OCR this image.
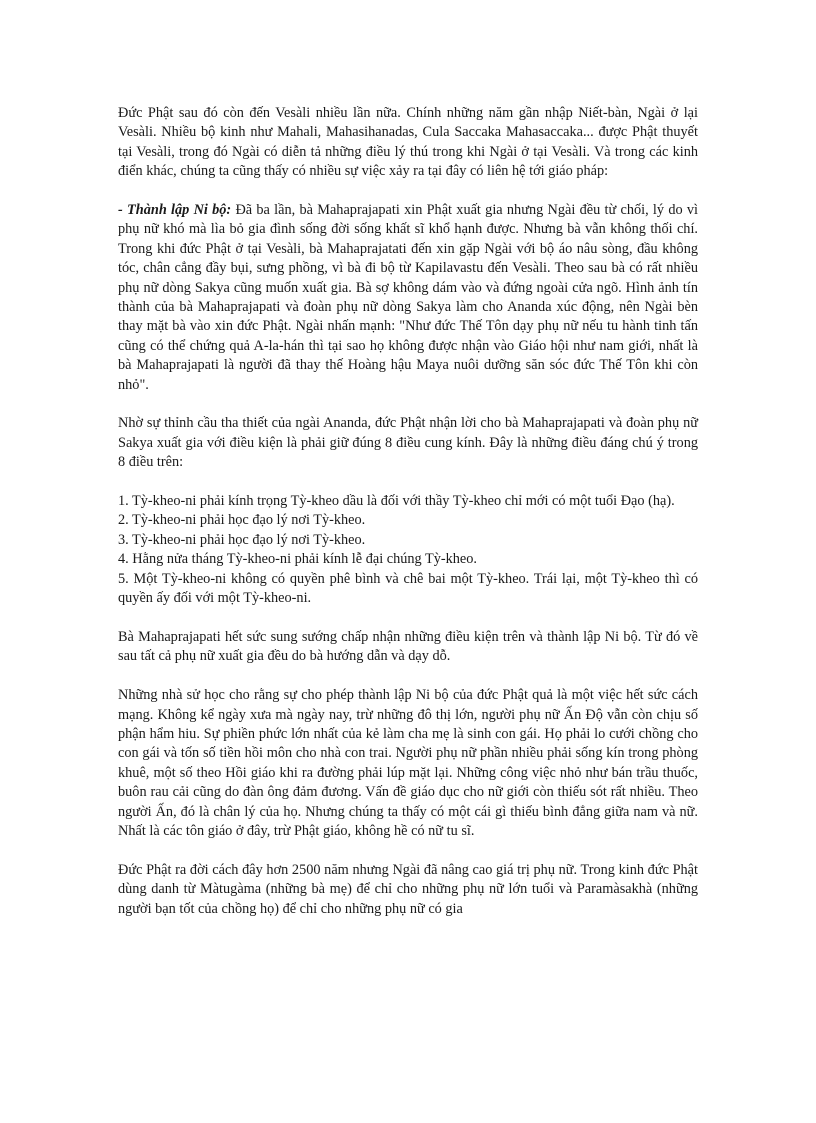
Đức Phật sau đó còn đến Vesàli nhiều lần nữa. Chính những năm gần nhập Niết-bàn, Ngài ở lại Vesàli. Nhiều bộ kinh như Mahali, Mahasihanadas, Cula Saccaka Mahasaccaka... được Phật thuyết tại Vesàli, trong đó Ngài có diễn tả những điều lý thú trong khi Ngài ở tại Vesàli. Và trong các kinh điển khác, chúng ta cũng thấy có nhiều sự việc xảy ra tại đây có liên hệ tới giáo pháp:

- Thành lập Ni bộ: Đã ba lần, bà Mahaprajapati xin Phật xuất gia nhưng Ngài đều từ chối, lý do vì phụ nữ khó mà lìa bỏ gia đình sống đời sống khất sĩ khổ hạnh được. Nhưng bà vẫn không thối chí. Trong khi đức Phật ở tại Vesàli, bà Mahaprajatati đến xin gặp Ngài với bộ áo nâu sòng, đầu không tóc, chân cẳng đầy bụi, sưng phồng, vì bà đi bộ từ Kapilavastu đến Vesàli. Theo sau bà có rất nhiều phụ nữ dòng Sakya cũng muốn xuất gia. Bà sợ không dám vào và đứng ngoài cửa ngõ. Hình ảnh tín thành của bà Mahaprajapati và đoàn phụ nữ dòng Sakya làm cho Ananda xúc động, nên Ngài bèn thay mặt bà vào xin đức Phật. Ngài nhấn mạnh: "Như đức Thế Tôn dạy phụ nữ nếu tu hành tinh tấn cũng có thể chứng quả A-la-hán thì tại sao họ không được nhận vào Giáo hội như nam giới, nhất là bà Mahaprajapati là người đã thay thế Hoàng hậu Maya nuôi dưỡng săn sóc đức Thế Tôn khi còn nhỏ".

Nhờ sự thỉnh cầu tha thiết của ngài Ananda, đức Phật nhận lời cho bà Mahaprajapati và đoàn phụ nữ Sakya xuất gia với điều kiện là phải giữ đúng 8 điều cung kính. Đây là những điều đáng chú ý trong 8 điều trên:

1. Tỳ-kheo-ni phải kính trọng Tỳ-kheo dầu là đối với thầy Tỳ-kheo chỉ mới có một tuổi Đạo (hạ).
2. Tỳ-kheo-ni phải học đạo lý nơi Tỳ-kheo.
3. Tỳ-kheo-ni phải học đạo lý nơi Tỳ-kheo.
4. Hằng nửa tháng Tỳ-kheo-ni phải kính lễ đại chúng Tỳ-kheo.
5. Một Tỳ-kheo-ni không có quyền phê bình và chê bai một Tỳ-kheo. Trái lại, một Tỳ-kheo thì có quyền ấy đối với một Tỳ-kheo-ni.

Bà Mahaprajapati hết sức sung sướng chấp nhận những điều kiện trên và thành lập Ni bộ. Từ đó về sau tất cả phụ nữ xuất gia đều do bà hướng dẫn và dạy dỗ.

Những nhà sử học cho rằng sự cho phép thành lập Ni bộ của đức Phật quả là một việc hết sức cách mạng. Không kể ngày xưa mà ngày nay, trừ những đô thị lớn, người phụ nữ Ấn Độ vẫn còn chịu số phận hẩm hiu. Sự phiền phức lớn nhất của kẻ làm cha mẹ là sinh con gái. Họ phải lo cưới chồng cho con gái và tốn số tiền hồi môn cho nhà con trai. Người phụ nữ phần nhiều phải sống kín trong phòng khuê, một số theo Hồi giáo khi ra đường phải lúp mặt lại. Những công việc nhỏ như bán trầu thuốc, buôn rau cải cũng do đàn ông đảm đương. Vấn đề giáo dục cho nữ giới còn thiếu sót rất nhiều. Theo người Ấn, đó là chân lý của họ. Nhưng chúng ta thấy có một cái gì thiếu bình đẳng giữa nam và nữ. Nhất là các tôn giáo ở đây, trừ Phật giáo, không hề có nữ tu sĩ.

Đức Phật ra đời cách đây hơn 2500 năm nhưng Ngài đã nâng cao giá trị phụ nữ. Trong kinh đức Phật dùng danh từ Màtugàma (những bà mẹ) để chỉ cho những phụ nữ lớn tuổi và Paramàsakhà (những người bạn tốt của chồng họ) để chỉ cho những phụ nữ có gia
